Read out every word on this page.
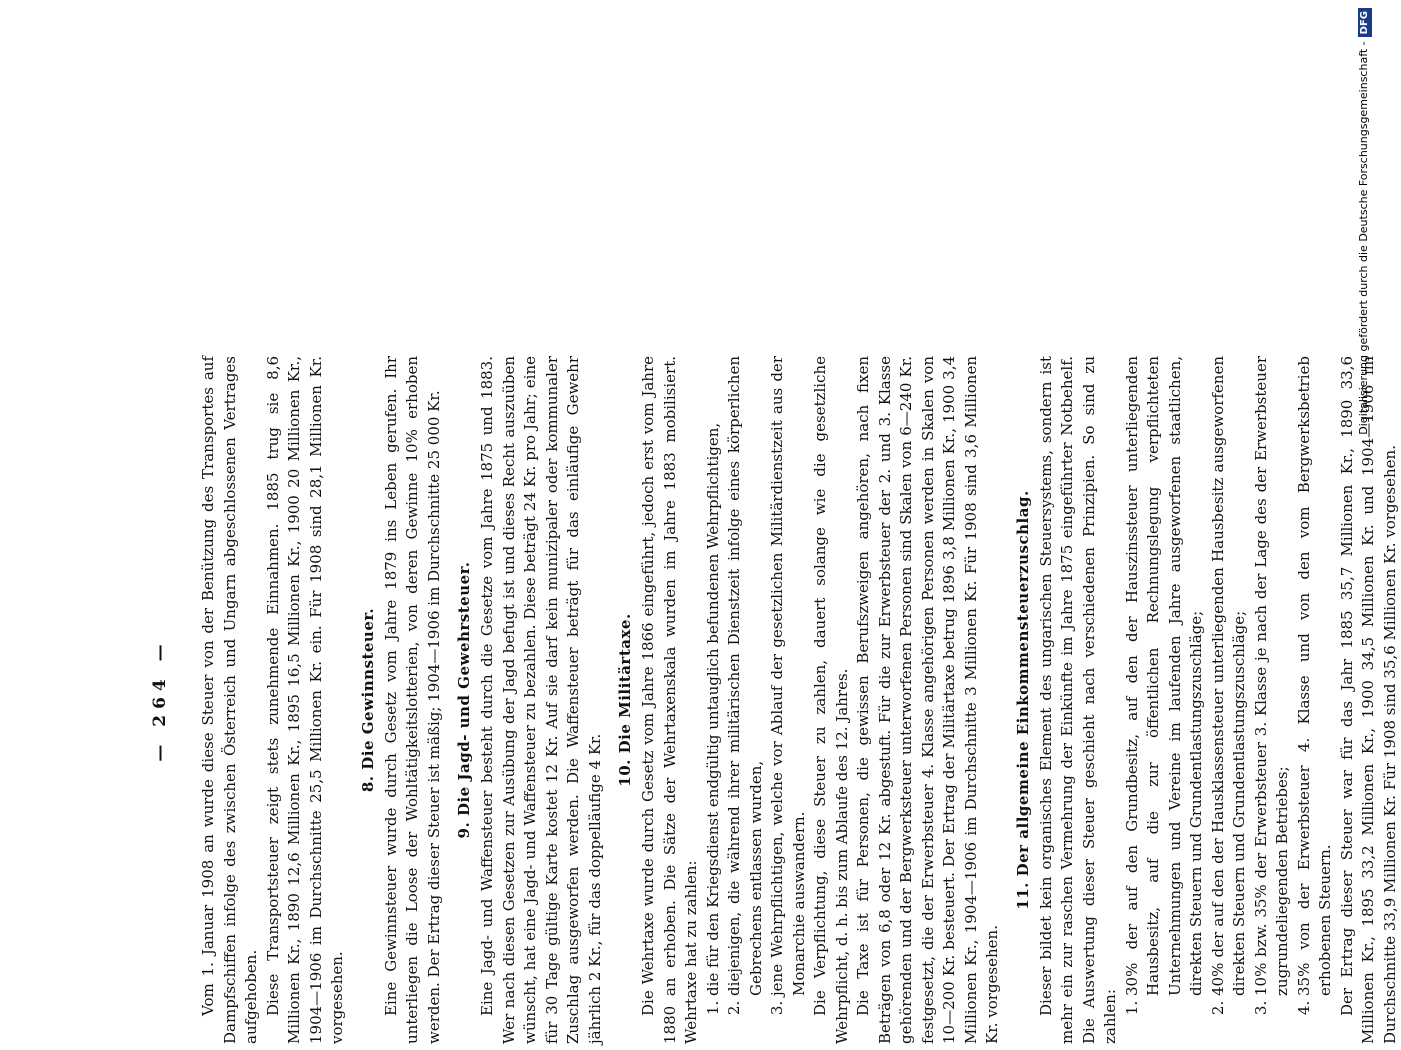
— 264 — Vom 1. Januar 1908 an wurde diese Steuer von der Benützung des Transportes auf Dampfschiffen infolge des zwischen Österreich und Ungarn abgeschlossenen Vertrages aufgehoben. Diese Transportsteuer zeigt stets zunehmende Einnahmen. 1885 trug sie 8,6 Millionen Kr., 1890 12,6 Millionen Kr., 1895 16,5 Millionen Kr., 1900 20 Millionen Kr., 1904—1906 im Durchschnitte 25,5 Millionen Kr. ein. Für 1908 sind 28,1 Millionen Kr. vorgesehen.

8. Die Gewinnsteuer. Eine Gewinnsteuer wurde durch Gesetz vom Jahre 1879 ins Leben gerufen. Ihr unterliegen die Loose der Wohltätigkeitslotterien, von deren Gewinne 10% erhoben werden. Der Ertrag dieser Steuer ist mäßig; 1904—1906 im Durchschnitte 25 000 Kr. 9. Die Jagd- und Gewehrsteuer. Eine Jagd- und Waffensteuer besteht durch die Gesetze vom Jahre 1875 und 1883. Wer nach diesen Gesetzen zur Ausübung der Jagd befugt ist und dieses Recht auszuüben wünscht, hat eine Jagd- und Waffensteuer zu bezahlen. Diese beträgt 24 Kr. pro Jahr; eine für 30 Tage gültige Karte kostet 12 Kr. Auf sie darf kein munizipaler oder kommunaler Zuschlag ausgeworfen werden. Die Waffensteuer beträgt für das einläufige Gewehr jährlich 2 Kr., für das doppelläufige 4 Kr.

10. Die Militärtaxe. Die Wehrtaxe wurde durch Gesetz vom Jahre 1866 eingeführt, jedoch erst vom Jahre 1880 an erhoben. Die Sätze der Wehrtaxenskala wurden im Jahre 1883 mobilisiert. Wehrtaxe hat zu zahlen: 1. die für den Kriegsdienst endgültig untauglich befundenen Wehrpflichtigen, 2. diejenigen, die während ihrer militärischen Dienstzeit infolge eines körperlichen Gebrechens entlassen wurden, 3. jene Wehrpflichtigen, welche vor Ablauf der gesetzlichen Militärdienstzeit aus der Monarchie auswandern. Die Verpflichtung, diese Steuer zu zahlen, dauert solange wie die gesetzliche Wehrpflicht, d. h. bis zum Ablaufe des 12. Jahres. Die Taxe ist für Personen, die gewissen Berufszweigen angehören, nach fixen Beträgen von 6,8 oder 12 Kr. abgestuft. Für die zur Erwerbsteuer der 2. und 3. Klasse gehörenden und der Bergwerksteuer unterworfenen Personen sind Skalen von 6—240 Kr. festgesetzt, die der Erwerbsteuer 4. Klasse angehörigen Personen werden in Skalen von 10—200 Kr. besteuert. Der Ertrag der Militärtaxe betrug 1896 3,8 Millionen Kr., 1900 3,4 Millionen Kr., 1904—1906 im Durchschnitte 3 Millionen Kr. Für 1908 sind 3,6 Millionen Kr. vorgesehen.

11. Der allgemeine Einkommensteuerzuschlag. Dieser bildet kein organisches Element des ungarischen Steuersystems, sondern ist mehr ein zur raschen Vermehrung der Einkünfte im Jahre 1875 eingeführter Notbehelf. Die Auswertung dieser Steuer geschieht nach verschiedenen Prinzipien. So sind zu zahlen:

1. 30% der auf den Grundbesitz, auf den der Hauszinssteuer unterliegenden Hausbesitz, auf die zur öffentlichen Rechnungslegung verpflichteten Unternehmungen und Vereine im laufenden Jahre ausgeworfenen staatlichen, direkten Steuern und Grundentlastungszuschläge; 2. 40% der auf den der Hausklassensteuer unterliegenden Hausbesitz ausgeworfenen direkten Steuern und Grundentlastungszuschläge; 3. 10% bzw. 35% der Erwerbsteuer 3. Klasse je nach der Lage des der Erwerbsteuer zugrundeliegenden Betriebes; 4. 35% von der Erwerbsteuer 4. Klasse und von den vom Bergwerksbetrieb erhobenen Steuern. Der Ertrag dieser Steuer war für das Jahr 1885 35,7 Millionen Kr., 1890 33,6 Millionen Kr., 1895 33,2 Millionen Kr., 1900 34,5 Millionen Kr. und 1904—1906 im Durchschnitte 33,9 Millionen Kr. Für 1908 sind 35,6 Millionen Kr. vorgesehen.

Digitalisierung gefördert durch die Deutsche Forschungsgemeinschaft -DFG
